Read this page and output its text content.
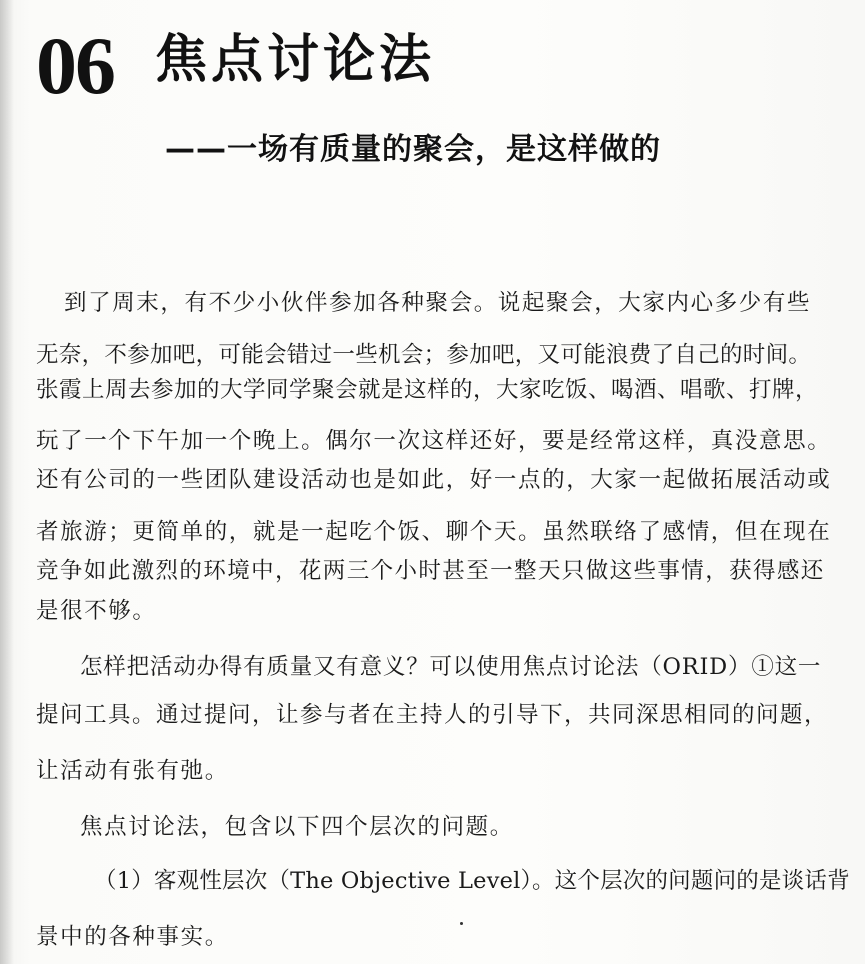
06 焦点讨论法
——一场有质量的聚会，是这样做的
到了周末，有不少小伙伴参加各种聚会。说起聚会，大家内心多少有些
无奈，不参加吧，可能会错过一些机会；参加吧，又可能浪费了自己的时间。
张霞上周去参加的大学同学聚会就是这样的，大家吃饭、喝酒、唱歌、打牌，
玩了一个下午加一个晚上。偶尔一次这样还好，要是经常这样，真没意思。
还有公司的一些团队建设活动也是如此，好一点的，大家一起做拓展活动或
者旅游；更简单的，就是一起吃个饭、聊个天。虽然联络了感情，但在现在
竞争如此激烈的环境中，花两三个小时甚至一整天只做这些事情，获得感还
是很不够。
怎样把活动办得有质量又有意义？可以使用焦点讨论法（ORID）①这一
提问工具。通过提问，让参与者在主持人的引导下，共同深思相同的问题，
让活动有张有弛。
焦点讨论法，包含以下四个层次的问题。
（1）客观性层次（The Objective Level）。这个层次的问题问的是谈话背
景中的各种事实。
